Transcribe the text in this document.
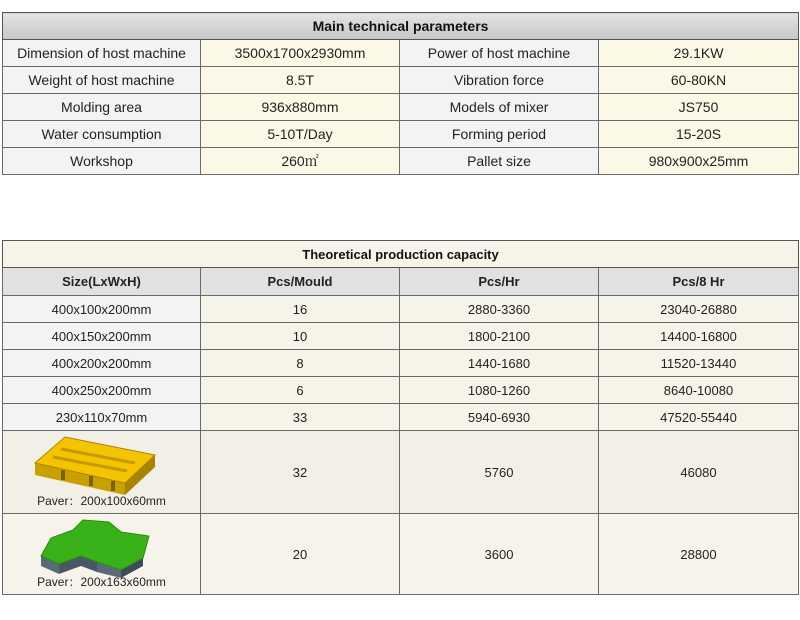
Main technical parameters			
Dimension of host machine	3500x1700x2930mm	Power of host machine	29.1KW
Weight of host machine	8.5T	Vibration force	60-80KN
Molding area	936x880mm	Models of mixer	JS750
Water consumption	5-10T/Day	Forming period	15-20S
Workshop	260㎡	Pallet size	980x900x25mm
Theoretical production capacity			
Size(LxWxH)	Pcs/Mould	Pcs/Hr	Pcs/8 Hr
400x100x200mm	16	2880-3360	23040-26880
400x150x200mm	10	1800-2100	14400-16800
400x200x200mm	8	1440-1680	11520-13440
400x250x200mm	6	1080-1260	8640-10080
230x110x70mm	33	5940-6930	47520-55440

Paver：200x100x60mm	32	5760	46080

Paver：200x163x60mm	20	3600	28800
